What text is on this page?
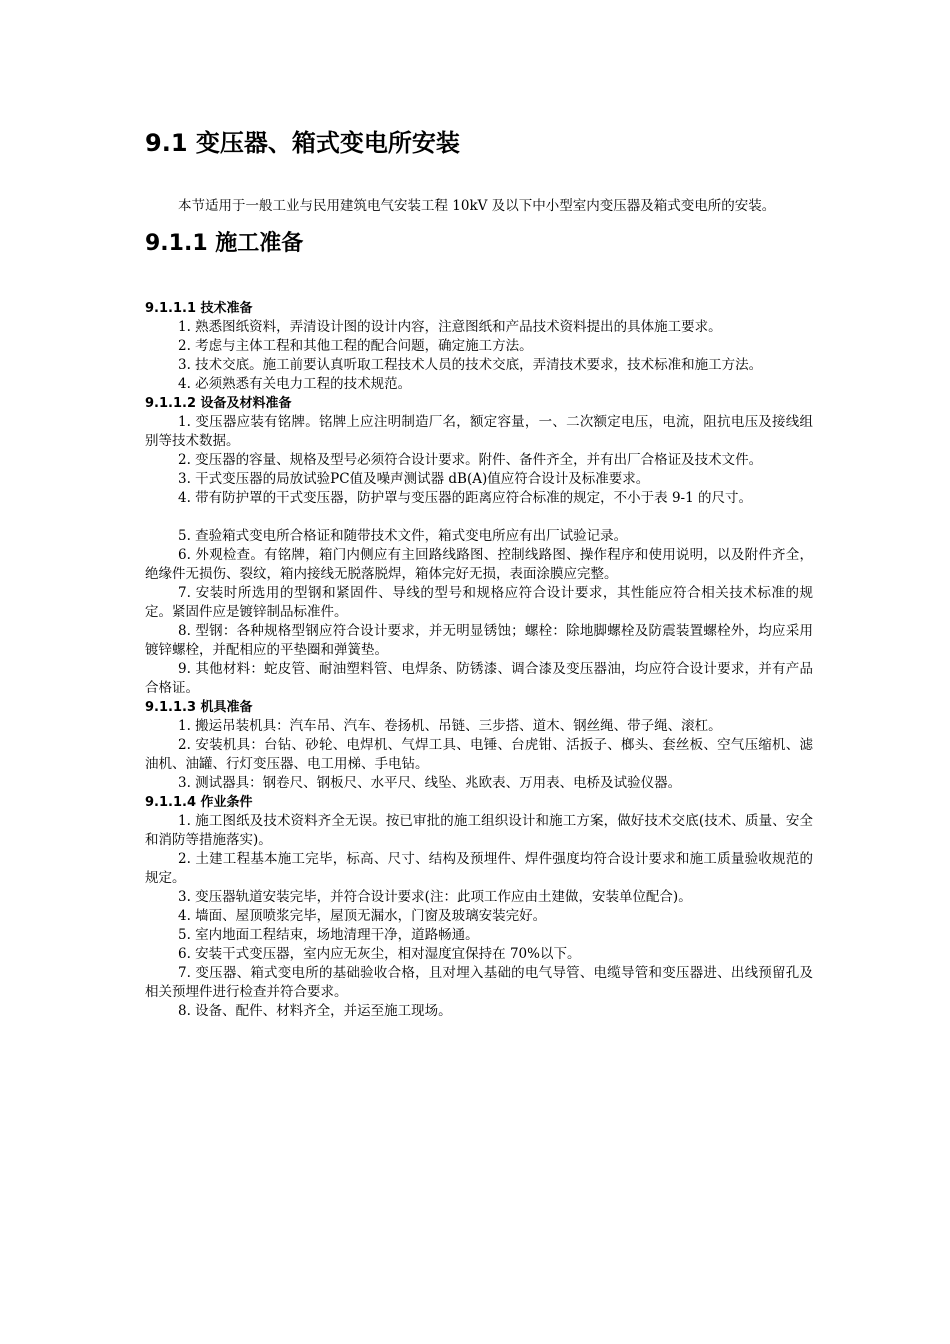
9.1 变压器、箱式变电所安装

本节适用于一般工业与民用建筑电气安装工程 10kV 及以下中小型室内变压器及箱式变电所的安装。

9.1.1 施工准备

9.1.1.1 技术准备

1. 熟悉图纸资料，弄清设计图的设计内容，注意图纸和产品技术资料提出的具体施工要求。

2. 考虑与主体工程和其他工程的配合问题，确定施工方法。

3. 技术交底。施工前要认真听取工程技术人员的技术交底，弄清技术要求，技术标准和施工方法。

4. 必须熟悉有关电力工程的技术规范。

9.1.1.2 设备及材料准备

1. 变压器应装有铭牌。铭牌上应注明制造厂名，额定容量，一、二次额定电压，电流，阻抗电压及接线组别等技术数据。

2. 变压器的容量、规格及型号必须符合设计要求。附件、备件齐全，并有出厂合格证及技术文件。

3. 干式变压器的局放试验PC值及噪声测试器 dB(A)值应符合设计及标准要求。

4. 带有防护罩的干式变压器，防护罩与变压器的距离应符合标准的规定，不小于表 9-1 的尺寸。

5. 查验箱式变电所合格证和随带技术文件，箱式变电所应有出厂试验记录。

6. 外观检查。有铭牌，箱门内侧应有主回路线路图、控制线路图、操作程序和使用说明，以及附件齐全，绝缘件无损伤、裂纹，箱内接线无脱落脱焊，箱体完好无损，表面涂膜应完整。

7. 安装时所选用的型钢和紧固件、导线的型号和规格应符合设计要求，其性能应符合相关技术标准的规定。紧固件应是镀锌制品标准件。

8. 型钢：各种规格型钢应符合设计要求，并无明显锈蚀；螺栓：除地脚螺栓及防震装置螺栓外，均应采用镀锌螺栓，并配相应的平垫圈和弹簧垫。

9. 其他材料：蛇皮管、耐油塑料管、电焊条、防锈漆、调合漆及变压器油，均应符合设计要求，并有产品合格证。

9.1.1.3 机具准备

1. 搬运吊装机具：汽车吊、汽车、卷扬机、吊链、三步搭、道木、钢丝绳、带子绳、滚杠。

2. 安装机具：台钻、砂轮、电焊机、气焊工具、电锤、台虎钳、活扳子、榔头、套丝板、空气压缩机、滤油机、油罐、行灯变压器、电工用梯、手电钻。

3. 测试器具：钢卷尺、钢板尺、水平尺、线坠、兆欧表、万用表、电桥及试验仪器。

9.1.1.4 作业条件

1. 施工图纸及技术资料齐全无误。按已审批的施工组织设计和施工方案，做好技术交底(技术、质量、安全和消防等措施落实)。

2. 土建工程基本施工完毕，标高、尺寸、结构及预埋件、焊件强度均符合设计要求和施工质量验收规范的规定。

3. 变压器轨道安装完毕，并符合设计要求(注：此项工作应由土建做，安装单位配合)。

4. 墙面、屋顶喷浆完毕，屋顶无漏水，门窗及玻璃安装完好。

5. 室内地面工程结束，场地清理干净，道路畅通。

6. 安装干式变压器，室内应无灰尘，相对湿度宜保持在 70%以下。

7. 变压器、箱式变电所的基础验收合格，且对埋入基础的电气导管、电缆导管和变压器进、出线预留孔及相关预埋件进行检查并符合要求。

8. 设备、配件、材料齐全，并运至施工现场。
